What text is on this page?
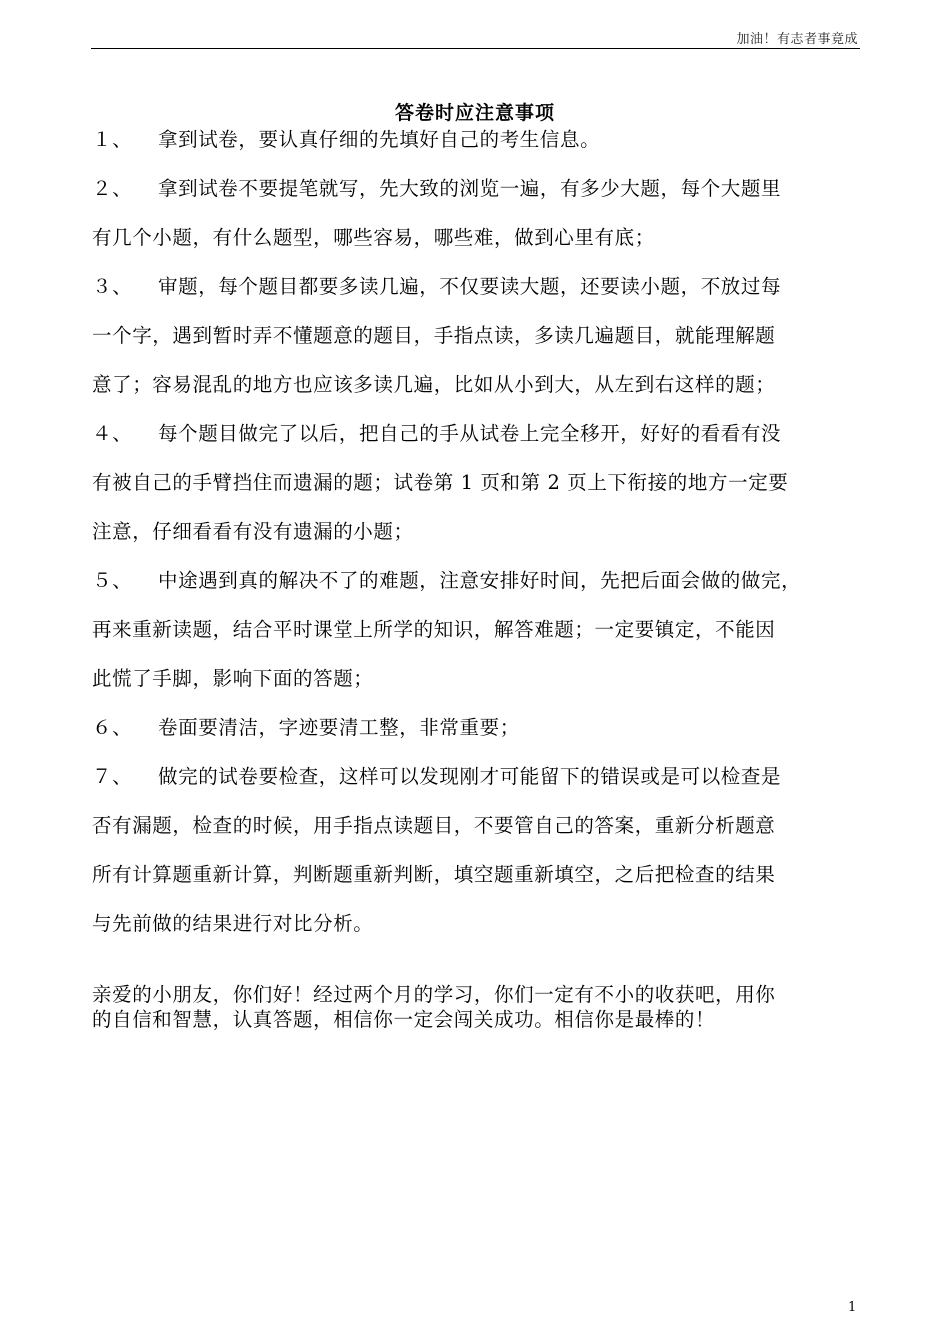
加油！有志者事竟成
答卷时应注意事项
１、 拿到试卷，要认真仔细的先填好自己的考生信息。
２、 拿到试卷不要提笔就写，先大致的浏览一遍，有多少大题，每个大题里
有几个小题，有什么题型，哪些容易，哪些难，做到心里有底；
３、 审题，每个题目都要多读几遍，不仅要读大题，还要读小题，不放过每
一个字，遇到暂时弄不懂题意的题目，手指点读，多读几遍题目，就能理解题
意了；容易混乱的地方也应该多读几遍，比如从小到大，从左到右这样的题；
４、 每个题目做完了以后，把自己的手从试卷上完全移开，好好的看看有没
有被自己的手臂挡住而遗漏的题；试卷第 1 页和第 2 页上下衔接的地方一定要
注意，仔细看看有没有遗漏的小题；
５、 中途遇到真的解决不了的难题，注意安排好时间，先把后面会做的做完，
再来重新读题，结合平时课堂上所学的知识，解答难题；一定要镇定，不能因
此慌了手脚，影响下面的答题；
６、 卷面要清洁，字迹要清工整，非常重要；
７、 做完的试卷要检查，这样可以发现刚才可能留下的错误或是可以检查是
否有漏题，检查的时候，用手指点读题目，不要管自己的答案，重新分析题意
所有计算题重新计算，判断题重新判断，填空题重新填空，之后把检查的结果
与先前做的结果进行对比分析。
亲爱的小朋友，你们好！经过两个月的学习，你们一定有不小的收获吧，用你
的自信和智慧，认真答题，相信你一定会闯关成功。相信你是最棒的！
1
